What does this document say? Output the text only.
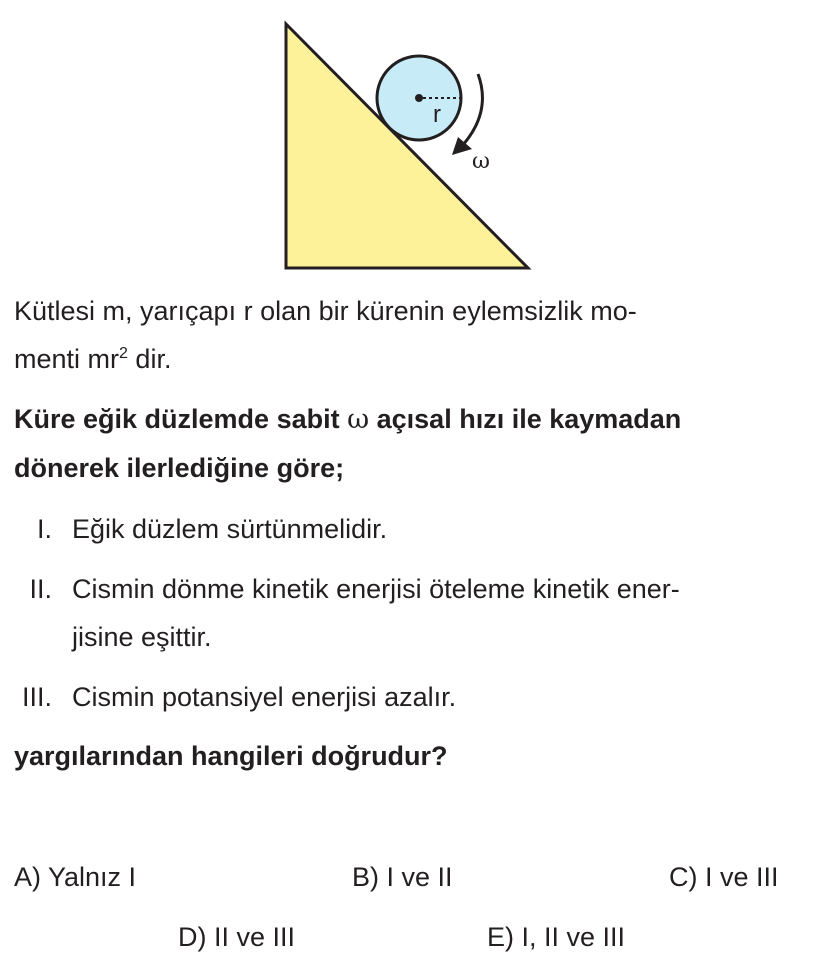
r
ω
Kütlesi m, yarıçapı r olan bir kürenin eylemsizlik mo-
menti $mr^2$ dir.
Küre eğik düzlemde sabit ω açısal hızı ile kaymadan
dönerek ilerlediğine göre;
I. Eğik düzlem sürtünmelidir.
II. Cismin dönme kinetik enerjisi öteleme kinetik ener-
jisine eşittir.
III. Cismin potansiyel enerjisi azalır.
yargılarından hangileri doğrudur?
A) Yalnız I	B) I ve II	C) I ve III
D) II ve III	E) I, II ve III
